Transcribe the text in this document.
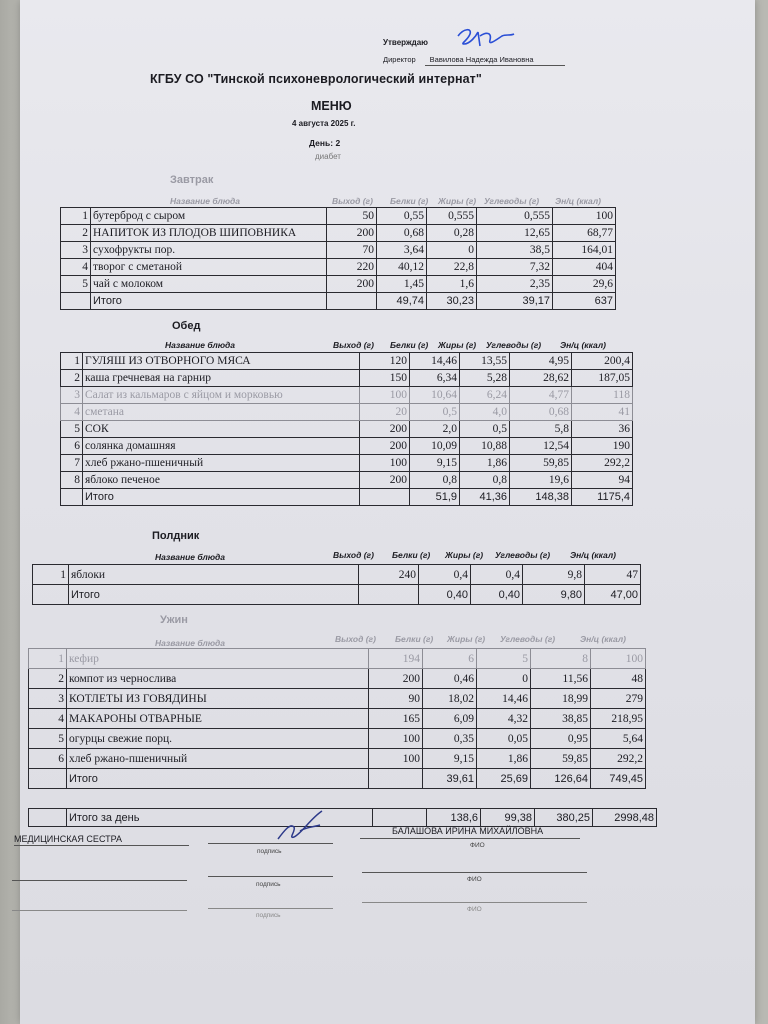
Утверждаю
Директор Вавилова Надежда Ивановна
КГБУ СО "Тинской психоневрологический интернат"
МЕНЮ
4 августа 2025 г.
День: 2
диабет
Завтрак
Название блюда	Выход (г) Белки (г) Жиры (г) Углеводы (г) Эн/ц (ккал)
1	бутерброд с сыром	50	0,55	0,555	0,555	100
2	НАПИТОК ИЗ ПЛОДОВ ШИПОВНИКА	200	0,68	0,28	12,65	68,77
3	сухофрукты пор.	70	3,64	0	38,5	164,01
4	творог с сметаной	220	40,12	22,8	7,32	404
5	чай с молоком	200	1,45	1,6	2,35	29,6
	Итого		49,74	30,23	39,17	637
Обед
Название блюда	Выход (г) Белки (г) Жиры (г) Углеводы (г) Эн/ц (ккал)
1	ГУЛЯШ ИЗ ОТВОРНОГО МЯСА	120	14,46	13,55	4,95	200,4
2	каша гречневая на гарнир	150	6,34	5,28	28,62	187,05
3	Салат из кальмаров с яйцом и морковью	100	10,64	6,24	4,77	118
4	сметана	20	0,5	4,0	0,68	41
5	СОК	200	2,0	0,5	5,8	36
6	солянка домашняя	200	10,09	10,88	12,54	190
7	хлеб ржано-пшеничный	100	9,15	1,86	59,85	292,2
8	яблоко печеное	200	0,8	0,8	19,6	94
	Итого		51,9	41,36	148,38	1175,4
Полдник
Название блюда	Выход (г) Белки (г) Жиры (г) Углеводы (г) Эн/ц (ккал)
1	яблоки	240	0,4	0,4	9,8	47
	Итого		0,40	0,40	9,80	47,00
Ужин
Название блюда	Выход (г) Белки (г) Жиры (г) Углеводы (г)	Эн/ц (ккал)
1	кефир	194	6	5	8	100
2	компот из чернослива	200	0,46	0	11,56	48
3	КОТЛЕТЫ ИЗ ГОВЯДИНЫ	90	18,02	14,46	18,99	279
4	МАКАРОНЫ ОТВАРНЫЕ	165	6,09	4,32	38,85	218,95
5	огурцы свежие порц.	100	0,35	0,05	0,95	5,64
6	хлеб ржано-пшеничный	100	9,15	1,86	59,85	292,2
	Итого		39,61	25,69	126,64	749,45
	Итого за день		138,6	99,38	380,25	2998,48
МЕДИЦИНСКАЯ СЕСТРА
подпись
БАЛАШОВА ИРИНА МИХАЙЛОВНА
ФИО
подпись
ФИО
подпись
ФИО
